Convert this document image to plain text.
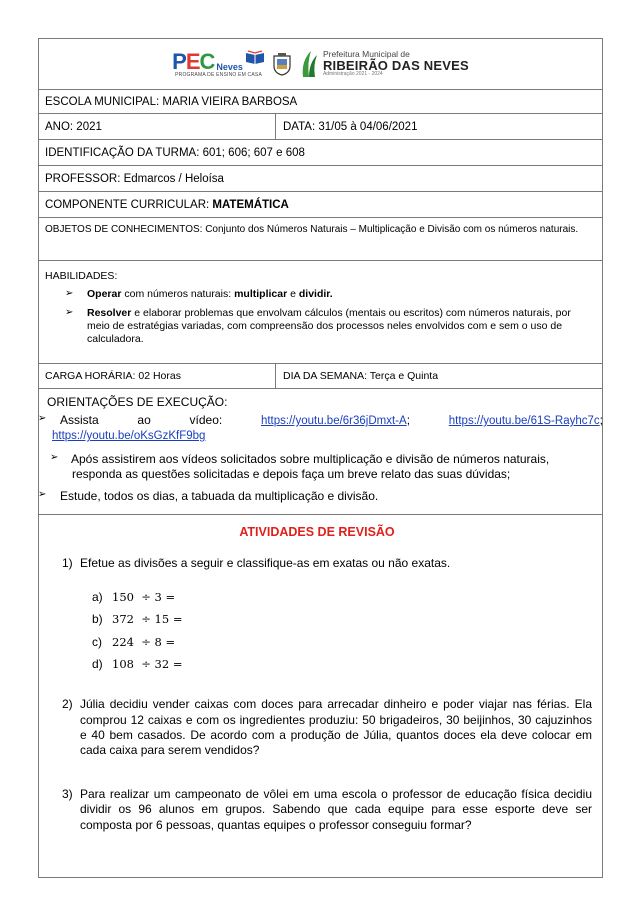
PEC Neves
PROGRAMA DE ENSINO EM CASA
Prefeitura Municipal de
RIBEIRÃO DAS NEVES
Administração 2021 - 2024
ESCOLA MUNICIPAL: MARIA VIEIRA BARBOSA
ANO: 2021	DATA: 31/05 à 04/06/2021
IDENTIFICAÇÃO DA TURMA: 601; 606; 607 e 608
PROFESSOR: Edmarcos / Heloísa
COMPONENTE CURRICULAR: MATEMÁTICA
OBJETOS DE CONHECIMENTOS: Conjunto dos Números Naturais – Multiplicação e Divisão com os números naturais.
HABILIDADES:
➢	Operar com números naturais: multiplicar e dividir.
➢	Resolver e elaborar problemas que envolvam cálculos (mentais ou escritos) com números naturais, por meio de estratégias variadas, com compreensão dos processos neles envolvidos com e sem o uso de calculadora.
CARGA HORÁRIA: 02 Horas	DIA DA SEMANA: Terça e Quinta
ORIENTAÇÕES DE EXECUÇÃO:
➢	Assista	ao	vídeo:	https://youtu.be/6r36jDmxt-A;	https://youtu.be/61S-Rayhc7c;
https://youtu.be/oKsGzKfF9bg
➢	Após assistirem aos vídeos solicitados sobre multiplicação e divisão de números naturais, responda as questões solicitadas e depois faça um breve relato das suas dúvidas;
➢	Estude, todos os dias, a tabuada da multiplicação e divisão.
ATIVIDADES DE REVISÃO
1) Efetue as divisões a seguir e classifique-as em exatas ou não exatas.
a) 150  ÷ 3 =
b) 372  ÷ 15 =
c) 224  ÷ 8 =
d) 108  ÷ 32 =
2) Júlia decidiu vender caixas com doces para arrecadar dinheiro e poder viajar nas férias. Ela comprou 12 caixas e com os ingredientes produziu: 50 brigadeiros, 30 beijinhos, 30 cajuzinhos e 40 bem casados. De acordo com a produção de Júlia, quantos doces ela deve colocar em cada caixa para serem vendidos?
3) Para realizar um campeonato de vôlei em uma escola o professor de educação física decidiu dividir os 96 alunos em grupos. Sabendo que cada equipe para esse esporte deve ser composta por 6 pessoas, quantas equipes o professor conseguiu formar?
